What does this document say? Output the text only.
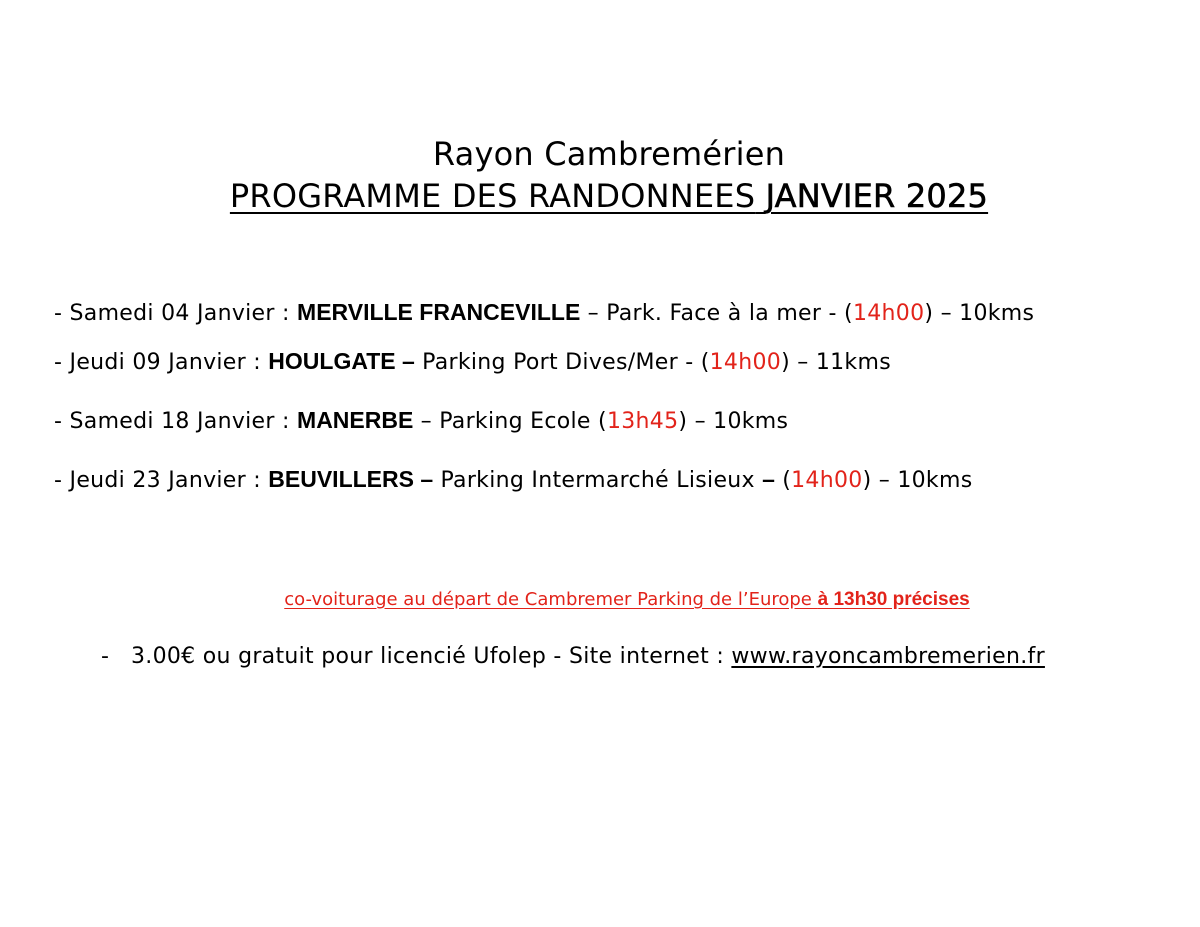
Rayon Cambremérien
PROGRAMME DES RANDONNEES JANVIER 2025
- Samedi 04 Janvier : MERVILLE FRANCEVILLE – Park. Face à la mer - (14h00) – 10kms
- Jeudi 09 Janvier : HOULGATE – Parking Port Dives/Mer - (14h00) – 11kms
- Samedi 18 Janvier : MANERBE – Parking Ecole (13h45) – 10kms
- Jeudi 23 Janvier : BEUVILLERS – Parking Intermarché Lisieux – (14h00) – 10kms
co-voiturage au départ de Cambremer Parking de l’Europe à 13h30 précises
- 3.00€ ou gratuit pour licencié Ufolep - Site internet : www.rayoncambremerien.fr
